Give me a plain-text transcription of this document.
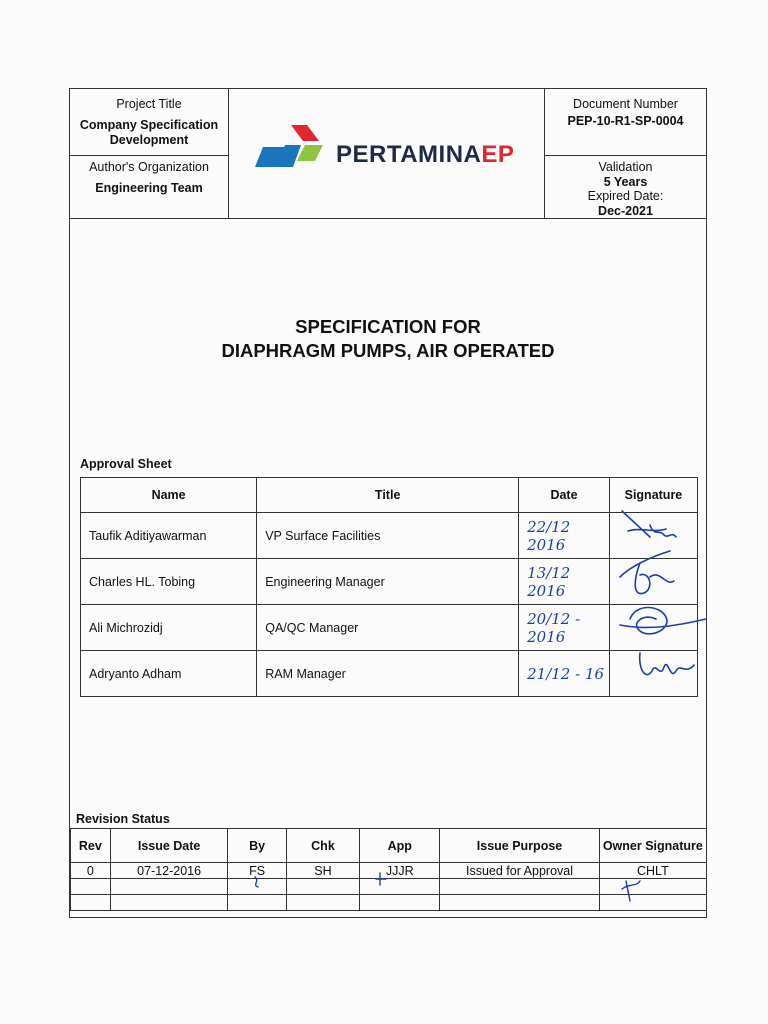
Project Title
Company Specification Development
Author's Organization
Engineering Team
PERTAMINAEP
Document Number
PEP-10-R1-SP-0004
Validation
5 Years
Expired Date:
Dec-2021
SPECIFICATION FOR
DIAPHRAGM PUMPS, AIR OPERATED
Approval Sheet
Name	Title	Date	Signature
Taufik Aditiyawarman	VP Surface Facilities	22/12 2016	
Charles HL. Tobing	Engineering Manager	13/12 2016	
Ali Michrozidj	QA/QC Manager	20/12 - 2016	
Adryanto Adham	RAM Manager	21/12 - 16	
Revision Status
Rev	Issue Date	By	Chk	App	Issue Purpose	Owner Signature
0	07-12-2016	FS	SH	JJJR	Issued for Approval	CHLT
